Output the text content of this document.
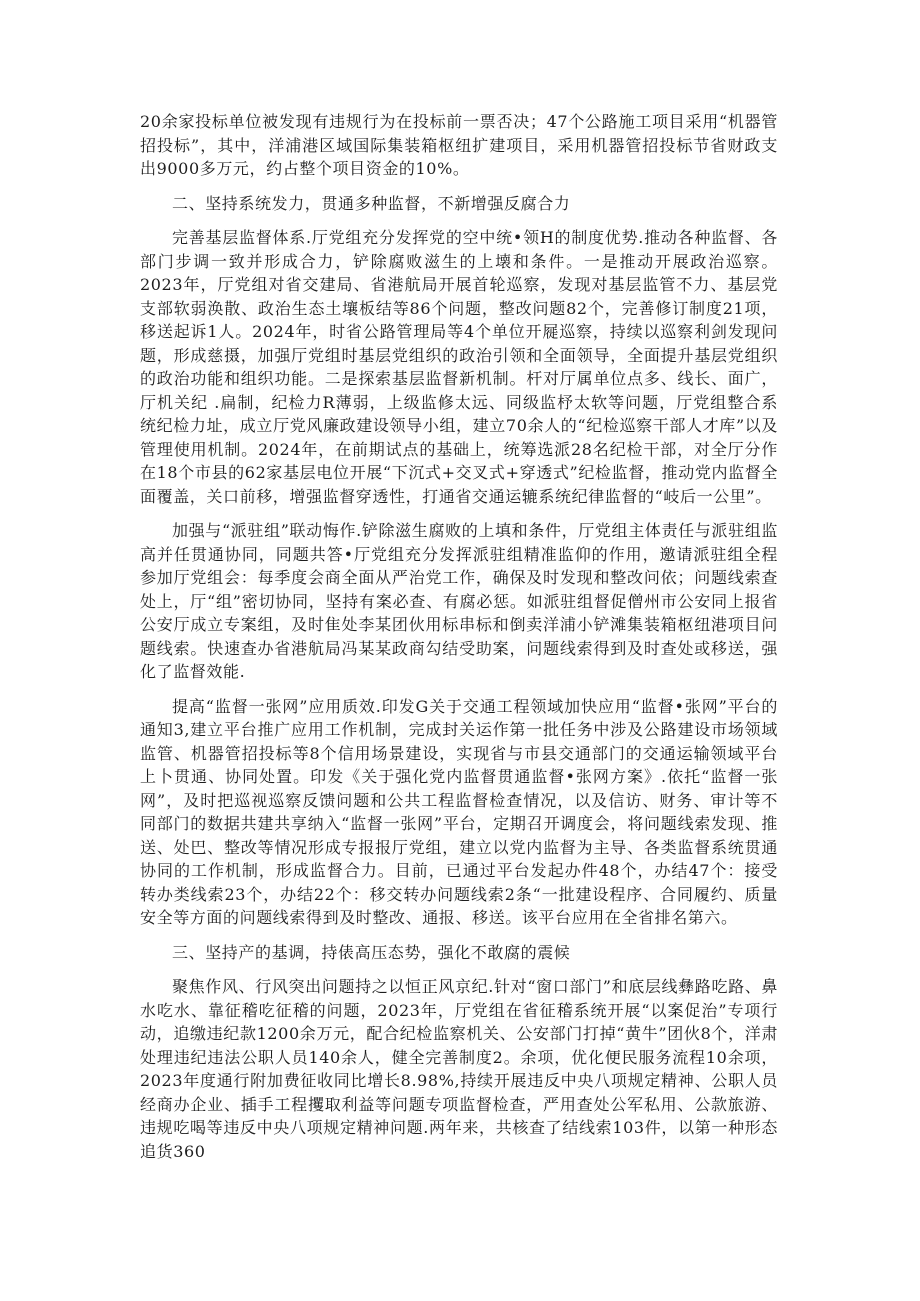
20余家投标单位被发现有违规行为在投标前一票否决；47个公路施工项目采用“机器管招投标”，其中，洋浦港区域国际集装箱枢纽扩建项目，采用机器管招投标节省财政支出9000多万元，约占整个项目资金的10%。

二、坚持系统发力，贯通多种监督，不新增强反腐合力

完善基层监督体系.厅党组充分发挥党的空中统•领H的制度优势.推动各种监督、各部门步调一致并形成合力，铲除腐败滋生的上壊和条件。一是推动开展政治巡察。2023年，厅党组对省交建局、省港航局开展首轮巡察，发现对基层监管不力、基层党支部软弱涣散、政治生态土壤板结等86个问题，整改问题82个，完善修订制度21项，移送起诉1人。2024年，时省公路管理局等4个单位开屣巡察，持续以巡察利剑发现问题，形成慈摄，加强厅党组时基层党组织的政治引领和全面领导，全面提升基层党组织的政治功能和组织功能。二是探索基层监督新机制。杆对厅属单位点多、线长、面广，厅机关纪 .扁制，纪检力R薄弱，上级监修太远、同级监杼太软等问题，厅党组整合系统纪检力址，成立厅党风廉政建设领导小组，建立70余人的“纪检巡察干部人才库”以及管理使用机制。2024年，在前期试点的基础上，统筹选派28名纪检干部，对全厅分作在18个市县的62家基层电位开展“下沉式+交叉式+穿透式”纪检监督，推动党内监督全面覆盖，关口前移，增强监督穿透性，打通省交通运辘系统纪律监督的“岐后一公里”。

加强与“派驻组”联动悔作.铲除滋生腐败的上填和条件，厅党组主体责任与派驻组监高并任贯通协同，同题共答•厅党组充分发挥派驻组精准监仰的作用，邀请派驻组全程参加厅党组会：每季度会商全面从严治党工作，确保及时发现和整改问依；问题线索查处上，厅“组”密切协同，坚持有案必查、有腐必惩。如派驻组督促僧州市公安同上报省公安厅成立专案组，及时隹处李某团伙用标串标和倒卖洋浦小铲滩集装箱枢纽港项目问题线索。快速查办省港航局冯某某政商勾结受助案，问题线索得到及时查处或移送，强化了监督效能.

提高“监督一张网”应用质效.印发G关于交通工程领域加快应用“监督•张网”平台的通知3,建立平台推广应用工作机制，完成封关运作第一批任务中涉及公路建设市场领域监管、机器管招投标等8个信用场景建设，实现省与市县交通部门的交通运输领域平台上卜贯通、协同处置。印发《关于强化党内监督贯通监督•张网方案》.依托“监督一张网”，及时把巡视巡察反馈问题和公共工程监督检查情况，以及信访、财务、审计等不同部门的数据共建共享纳入“监督一张网”平台，定期召开调度会，将问题线索发现、推送、处巴、整改等情况形成专报报厅党组，建立以党内监督为主导、各类监督系统贯通协同的工作机制，形成监督合力。目前，已通过平台发起办件48个，办结47个：接受转办类线索23个，办结22个：移交转办问题线索2条“一批建设程序、合同履约、质量安全等方面的问题线索得到及时整改、通报、移送。该平台应用在全省排名第六。

三、坚持产的基调，持俵高压态势，强化不敢腐的震候

聚焦作风、行风突出问题持之以恒正风京纪.针对“窗口部门”和底层线彝路吃路、鼻水吃水、靠征稽吃征稽的问题，2023年，厅党组在省征稽系统开展“以案促治”专项行动，追缴违纪款1200余万元，配合纪检监察机关、公安部门打掉“黄牛”团伙8个，洋肃处理违纪违法公职人员140余人，健全完善制度2。余项，优化便民服务流程10余项，2023年度通行附加费征收同比增长8.98%,持续开展违反中央八项规定精神、公职人员经商办企业、插手工程攫取利益等问题专项监督检查，严用查处公军私用、公款旅游、违规吃喝等违反中央八项规定精神问题.两年来，共核查了结线索103件，以第一种形态追货360
